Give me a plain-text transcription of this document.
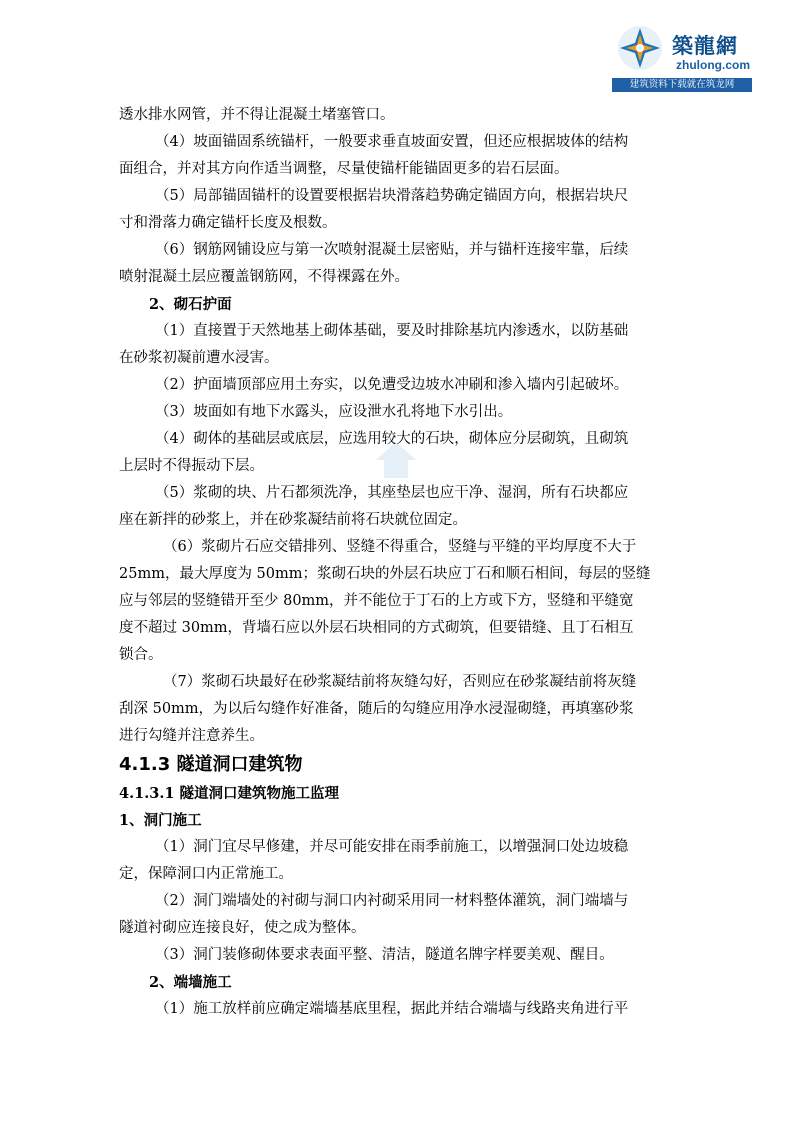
築龍網
zhulong.com
建筑资料下载就在筑龙网
透水排水网管，并不得让混凝土堵塞管口。
（4）坡面锚固系统锚杆，一般要求垂直坡面安置，但还应根据坡体的结构
面组合，并对其方向作适当调整，尽量使锚杆能锚固更多的岩石层面。
（5）局部锚固锚杆的设置要根据岩块滑落趋势确定锚固方向，根据岩块尺
寸和滑落力确定锚杆长度及根数。
（6）钢筋网铺设应与第一次喷射混凝土层密贴，并与锚杆连接牢靠，后续
喷射混凝土层应覆盖钢筋网，不得裸露在外。
2、砌石护面
（1）直接置于天然地基上砌体基础，要及时排除基坑内渗透水，以防基础
在砂浆初凝前遭水浸害。
（2）护面墙顶部应用土夯实，以免遭受边坡水冲刷和渗入墙内引起破坏。
（3）坡面如有地下水露头，应设泄水孔将地下水引出。
（4）砌体的基础层或底层，应选用较大的石块，砌体应分层砌筑，且砌筑
上层时不得振动下层。
（5）浆砌的块、片石都须洗净，其座垫层也应干净、湿润，所有石块都应
座在新拌的砂浆上，并在砂浆凝结前将石块就位固定。
（6）浆砌片石应交错排列、竖缝不得重合，竖缝与平缝的平均厚度不大于
25mm，最大厚度为 50mm；浆砌石块的外层石块应丁石和顺石相间，每层的竖缝
应与邻层的竖缝错开至少 80mm，并不能位于丁石的上方或下方，竖缝和平缝宽
度不超过 30mm，背墙石应以外层石块相同的方式砌筑，但要错缝、且丁石相互
锁合。
（7）浆砌石块最好在砂浆凝结前将灰缝勾好，否则应在砂浆凝结前将灰缝
刮深 50mm，为以后勾缝作好准备，随后的勾缝应用净水浸湿砌缝，再填塞砂浆
进行勾缝并注意养生。
4.1.3 隧道洞口建筑物
4.1.3.1 隧道洞口建筑物施工监理
1、洞门施工
（1）洞门宜尽早修建，并尽可能安排在雨季前施工，以增强洞口处边坡稳
定，保障洞口内正常施工。
（2）洞门端墙处的衬砌与洞口内衬砌采用同一材料整体灌筑，洞门端墙与
隧道衬砌应连接良好，使之成为整体。
（3）洞门装修砌体要求表面平整、清洁，隧道名牌字样要美观、醒目。
2、端墙施工
（1）施工放样前应确定端墙基底里程，据此并结合端墙与线路夹角进行平
